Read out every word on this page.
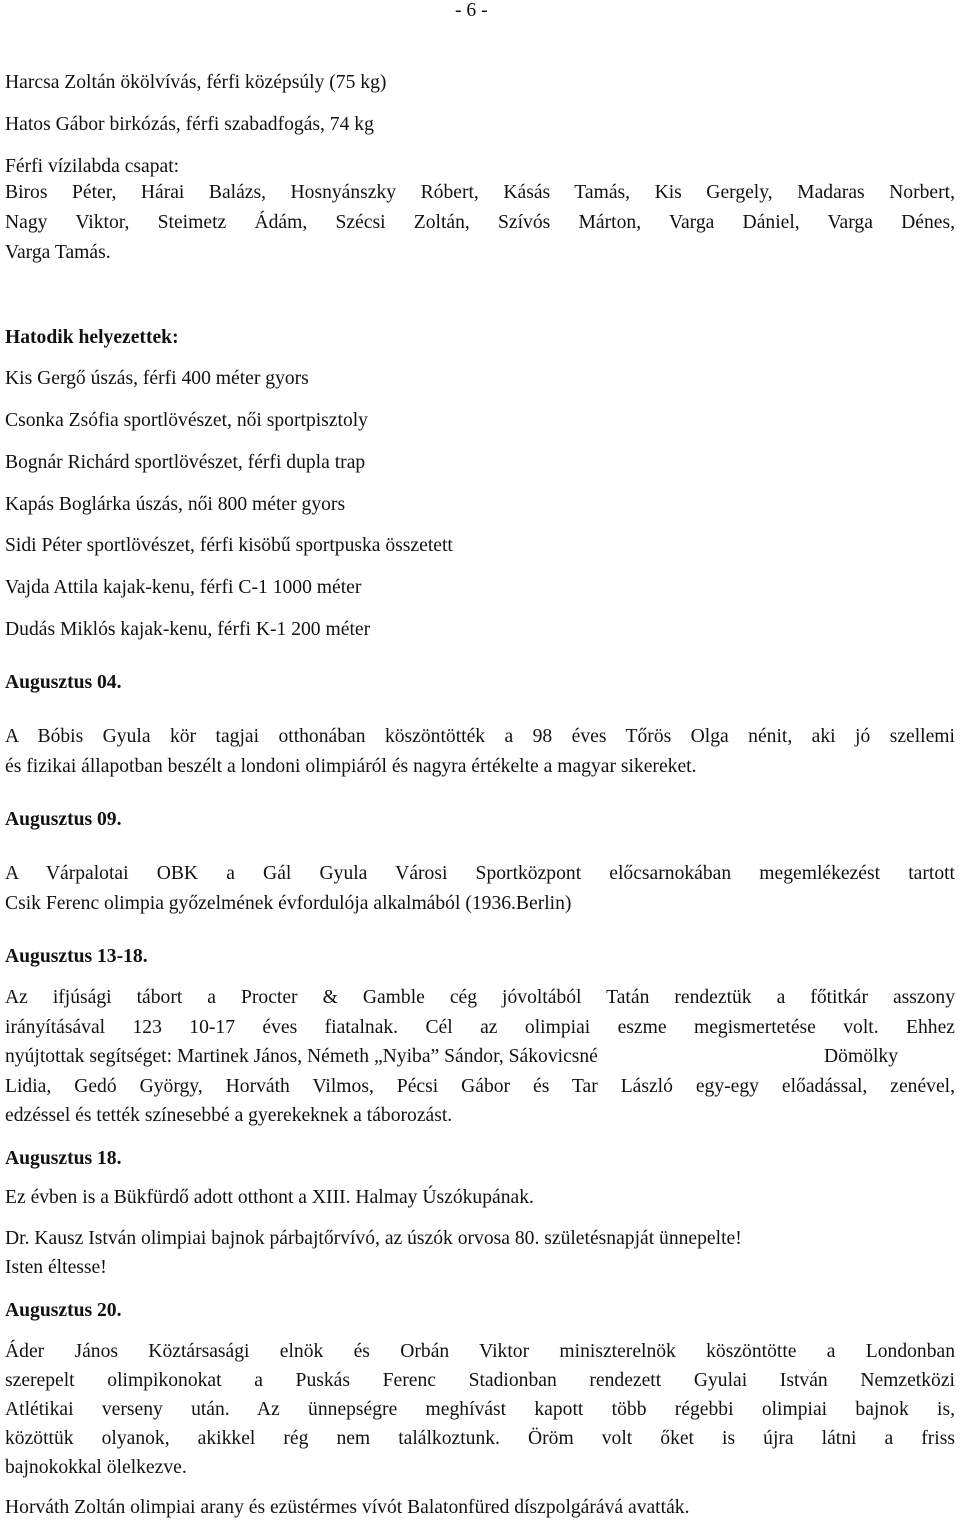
- 6 -
Harcsa Zoltán ökölvívás, férfi középsúly (75 kg)
Hatos Gábor birkózás, férfi szabadfogás, 74 kg
Férfi vízilabda csapat:
Biros Péter, Hárai Balázs, Hosnyánszky Róbert, Kásás Tamás, Kis Gergely, Madaras Norbert,
Nagy Viktor, Steimetz Ádám, Szécsi Zoltán, Szívós Márton, Varga Dániel, Varga Dénes,
Varga Tamás.
Hatodik helyezettek:
Kis Gergő úszás, férfi 400 méter gyors
Csonka Zsófia sportlövészet, női sportpisztoly
Bognár Richárd sportlövészet, férfi dupla trap
Kapás Boglárka úszás, női 800 méter gyors
Sidi Péter sportlövészet, férfi kisöbű sportpuska összetett
Vajda Attila kajak-kenu, férfi C-1 1000 méter
Dudás Miklós kajak-kenu, férfi K-1 200 méter
Augusztus 04.
A Bóbis Gyula kör tagjai otthonában köszöntötték a 98 éves Tőrös Olga nénit, aki jó szellemi
és fizikai állapotban beszélt a londoni olimpiáról és nagyra értékelte a magyar sikereket.
Augusztus 09.
A Várpalotai OBK a Gál Gyula Városi Sportközpont előcsarnokában megemlékezést tartott
Csik Ferenc olimpia győzelmének évfordulója alkalmából (1936.Berlin)
Augusztus 13-18.
Az ifjúsági tábort a Procter & Gamble cég jóvoltából Tatán rendeztük a főtitkár asszony
irányításával 123 10-17 éves fiatalnak. Cél az olimpiai eszme megismertetése volt. Ehhez
nyújtottak segítséget: Martinek János, Németh „Nyiba” Sándor, Sákovicsné	Dömölky
Lidia, Gedó György, Horváth Vilmos, Pécsi Gábor és Tar László egy-egy előadással, zenével,
edzéssel és tették színesebbé a gyerekeknek a táborozást.
Augusztus 18.
Ez évben is a Bükfürdő adott otthont a XIII. Halmay Úszókupának.
Dr. Kausz István olimpiai bajnok párbajtőrvívó, az úszók orvosa 80. születésnapját ünnepelte!
Isten éltesse!
Augusztus 20.
Áder János Köztársasági elnök és Orbán Viktor miniszterelnök köszöntötte a Londonban
szerepelt olimpikonokat a Puskás Ferenc Stadionban rendezett Gyulai István Nemzetközi
Atlétikai verseny után. Az ünnepségre meghívást kapott több régebbi olimpiai bajnok is,
közöttük olyanok, akikkel rég nem találkoztunk. Öröm volt őket is újra látni a friss
bajnokokkal ölelkezve.
Horváth Zoltán olimpiai arany és ezüstérmes vívót Balatonfüred díszpolgárává avatták.
